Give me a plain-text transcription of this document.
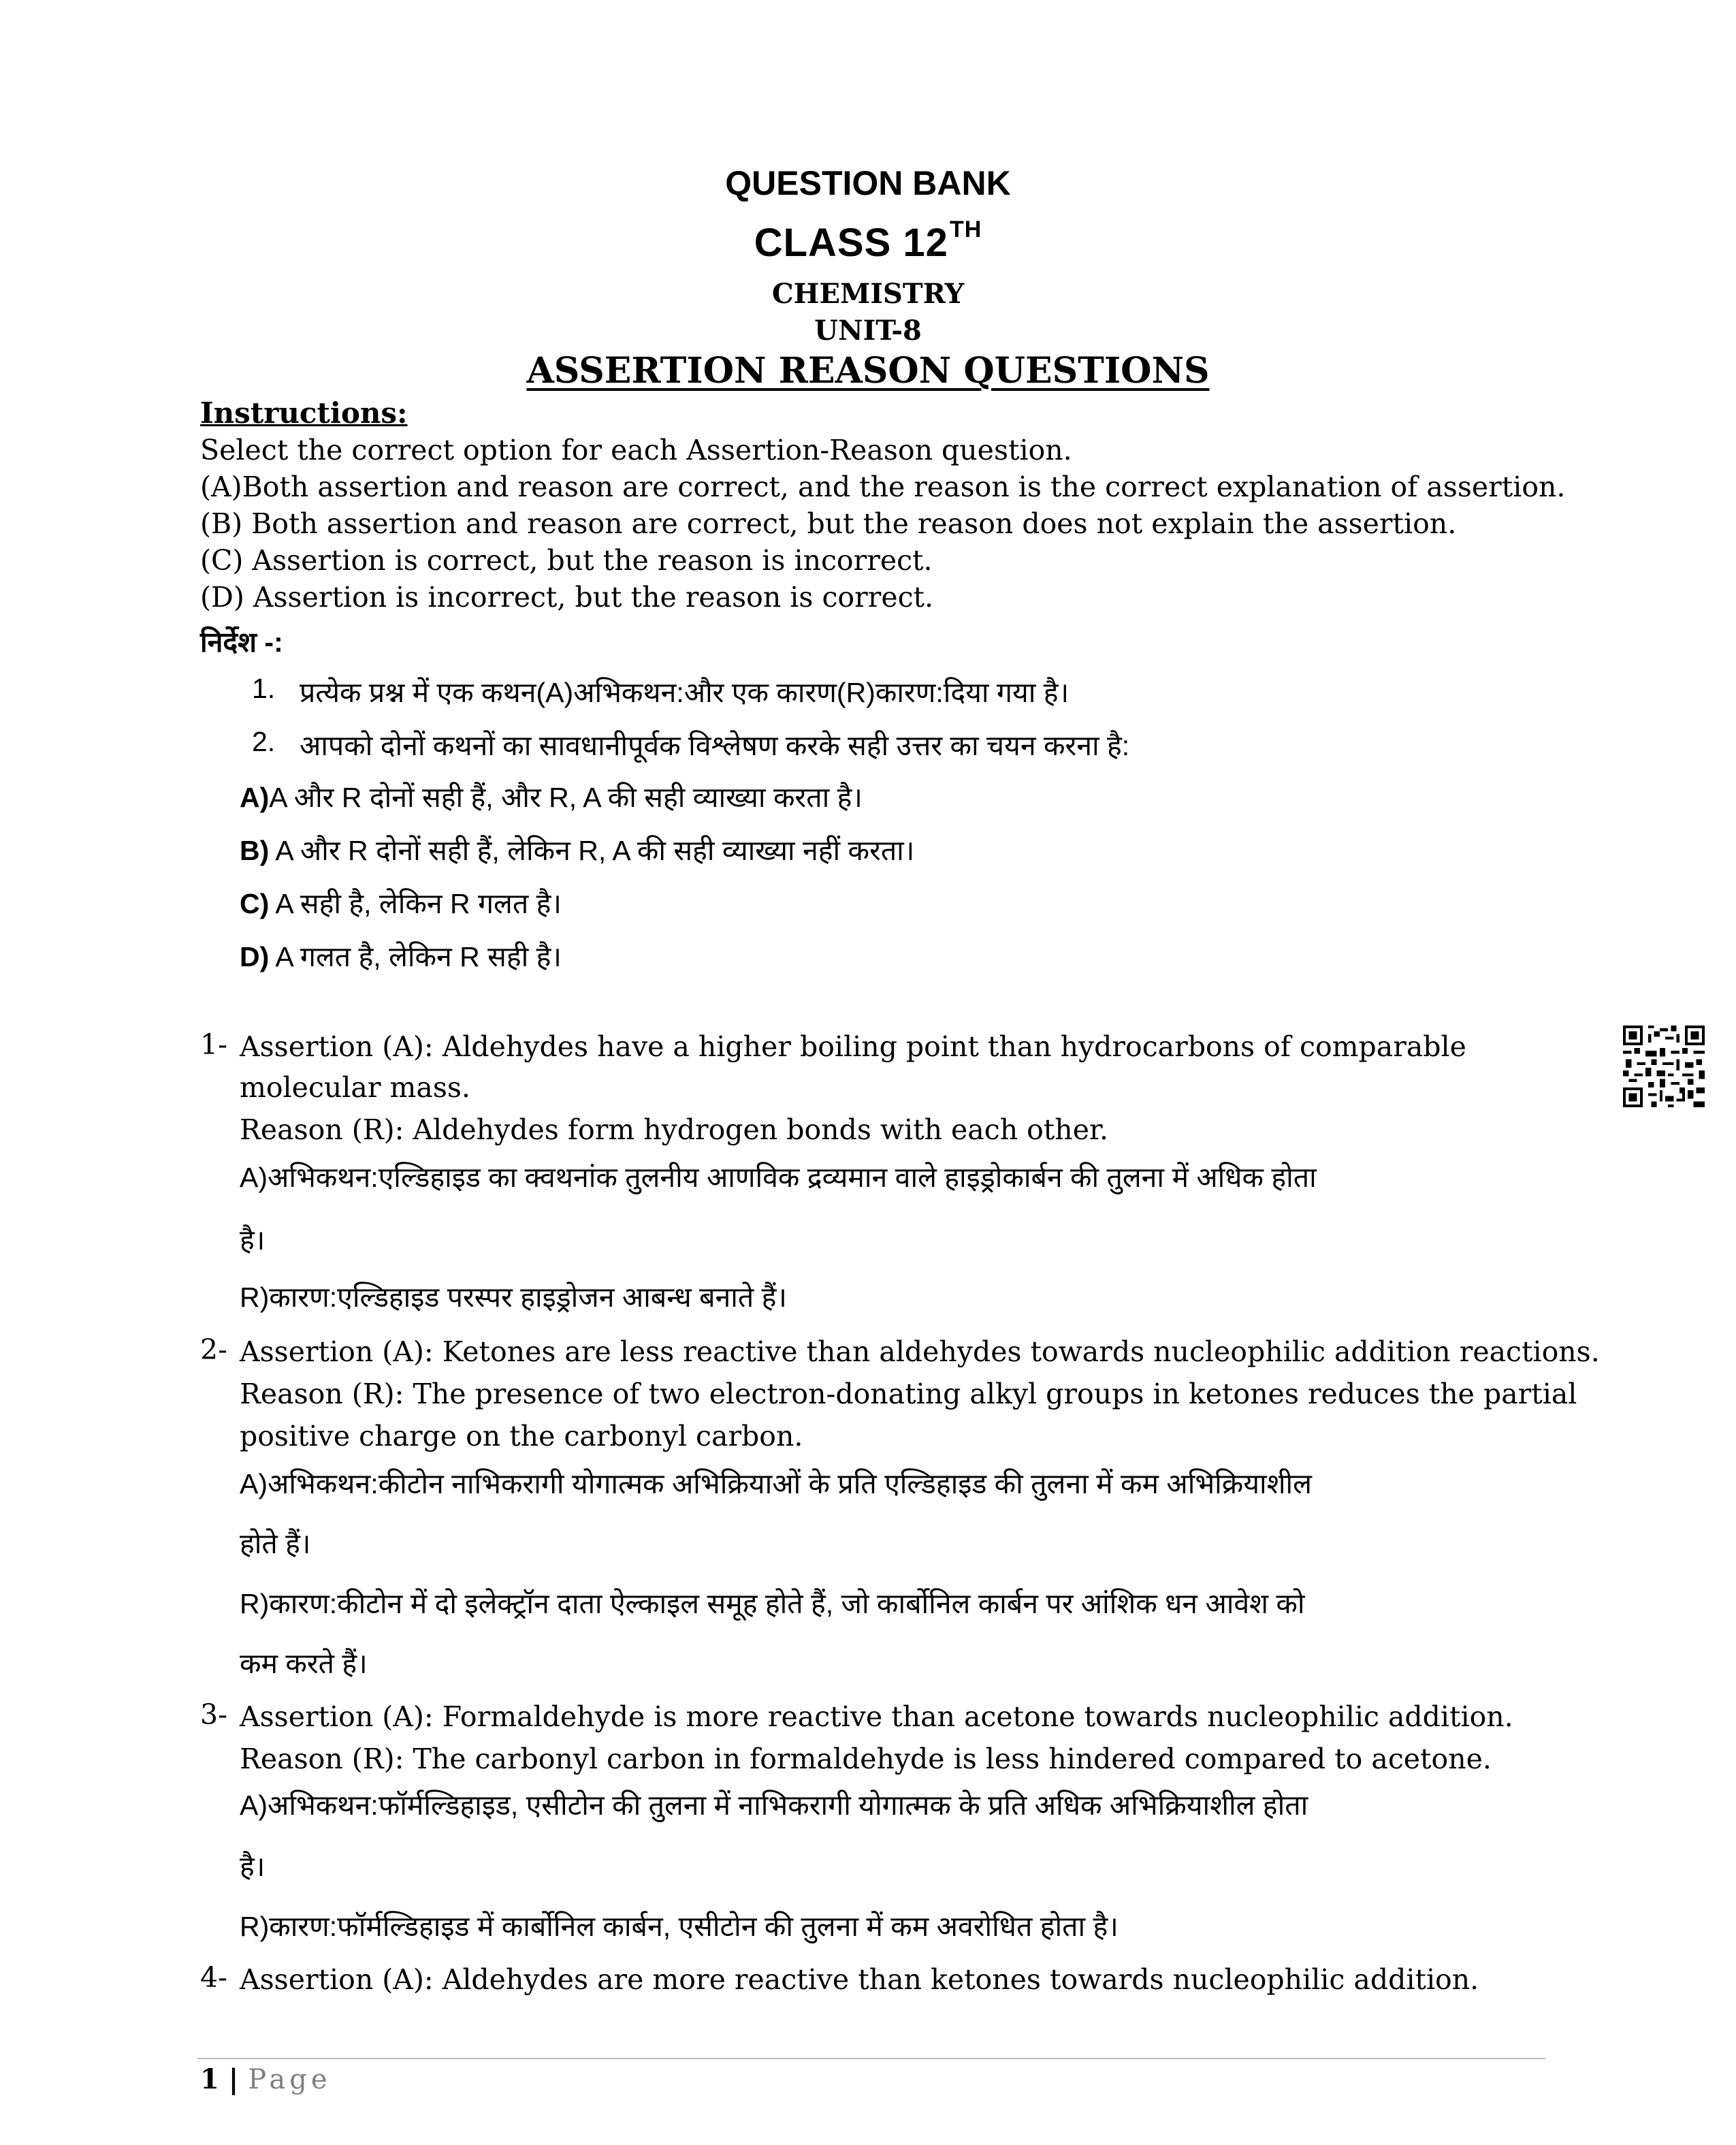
QUESTION BANK
CLASS 12TH
CHEMISTRY
UNIT-8
ASSERTION REASON QUESTIONS
Instructions:
Select the correct option for each Assertion-Reason question.
(A)Both assertion and reason are correct, and the reason is the correct explanation of assertion.
(B) Both assertion and reason are correct, but the reason does not explain the assertion.
(C) Assertion is correct, but the reason is incorrect.
(D) Assertion is incorrect, but the reason is correct.
निर्देश -:
1. प्रत्येक प्रश्न में एक कथन(A)अभिकथन:और एक कारण(R)कारण:दिया गया है।
2. आपको दोनों कथनों का सावधानीपूर्वक विश्लेषण करके सही उत्तर का चयन करना है:
A)A और R दोनों सही हैं, और R, A की सही व्याख्या करता है।
B) A और R दोनों सही हैं, लेकिन R, A की सही व्याख्या नहीं करता।
C) A सही है, लेकिन R गलत है।
D) A गलत है, लेकिन R सही है।
1- Assertion (A): Aldehydes have a higher boiling point than hydrocarbons of comparable
molecular mass.
Reason (R): Aldehydes form hydrogen bonds with each other.
A)अभिकथन:एल्डिहाइड का क्वथनांक तुलनीय आणविक द्रव्यमान वाले हाइड्रोकार्बन की तुलना में अधिक होता
है।
R)कारण:एल्डिहाइड परस्पर हाइड्रोजन आबन्ध बनाते हैं।
2- Assertion (A): Ketones are less reactive than aldehydes towards nucleophilic addition reactions.
Reason (R): The presence of two electron-donating alkyl groups in ketones reduces the partial
positive charge on the carbonyl carbon.
A)अभिकथन:कीटोन नाभिकरागी योगात्मक अभिक्रियाओं के प्रति एल्डिहाइड की तुलना में कम अभिक्रियाशील
होते हैं।
R)कारण:कीटोन में दो इलेक्ट्रॉन दाता ऐल्काइल समूह होते हैं, जो कार्बोनिल कार्बन पर आंशिक धन आवेश को
कम करते हैं।
3- Assertion (A): Formaldehyde is more reactive than acetone towards nucleophilic addition.
Reason (R): The carbonyl carbon in formaldehyde is less hindered compared to acetone.
A)अभिकथन:फॉर्मल्डिहाइड, एसीटोन की तुलना में नाभिकरागी योगात्मक के प्रति अधिक अभिक्रियाशील होता
है।
R)कारण:फॉर्मल्डिहाइड में कार्बोनिल कार्बन, एसीटोन की तुलना में कम अवरोधित होता है।
4- Assertion (A): Aldehydes are more reactive than ketones towards nucleophilic addition.
1 | Page
